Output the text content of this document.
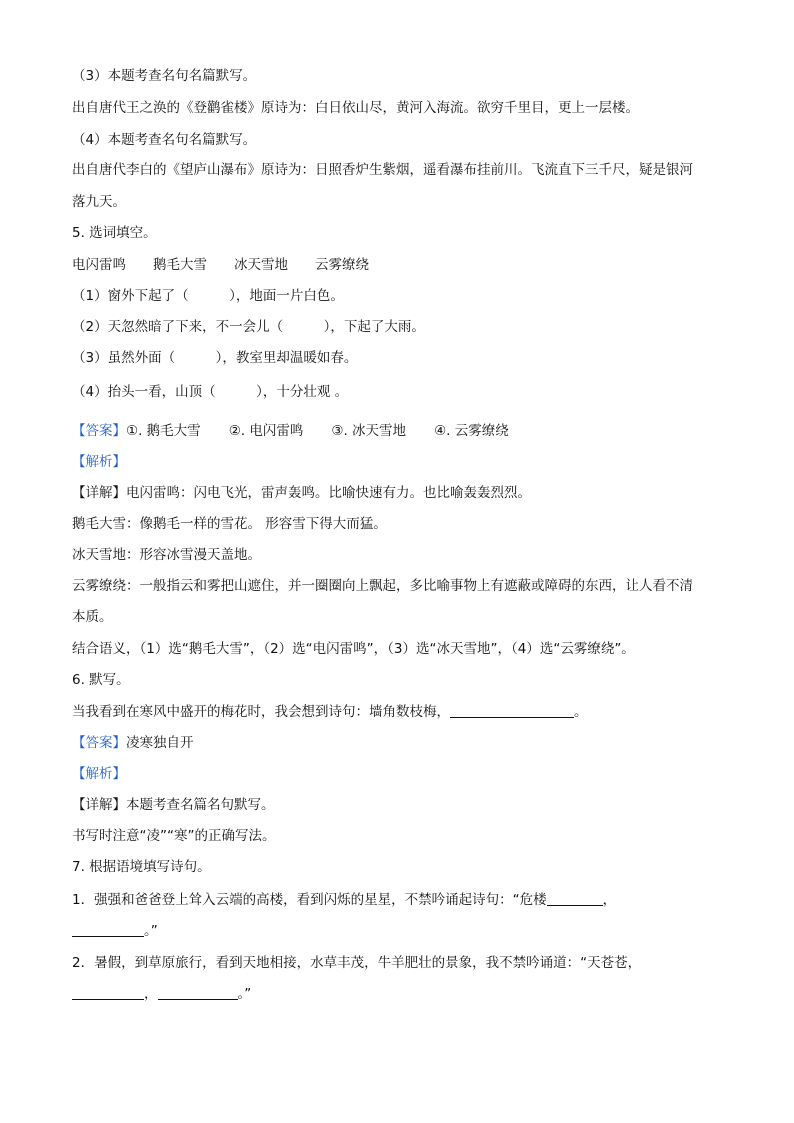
（3）本题考查名句名篇默写。
出自唐代王之涣的《登鹳雀楼》原诗为：白日依山尽，黄河入海流。欲穷千里目，更上一层楼。
（4）本题考查名句名篇默写。
出自唐代李白的《望庐山瀑布》原诗为：日照香炉生紫烟，遥看瀑布挂前川。飞流直下三千尺，疑是银河
落九天。
5. 选词填空。
电闪雷鸣　　鹅毛大雪　　冰天雪地　　云雾缭绕
（1）窗外下起了（　　　），地面一片白色。
（2）天忽然暗了下来，不一会儿（　　　），下起了大雨。
（3）虽然外面（　　　），教室里却温暖如春。
（4）抬头一看，山顶（　　　），十分壮观 。
【答案】①. 鹅毛大雪 ②. 电闪雷鸣 ③. 冰天雪地 ④. 云雾缭绕
【解析】
【详解】电闪雷鸣：闪电飞光，雷声轰鸣。比喻快速有力。也比喻轰轰烈烈。
鹅毛大雪：像鹅毛一样的雪花。 形容雪下得大而猛。
冰天雪地：形容冰雪漫天盖地。
云雾缭绕：一般指云和雾把山遮住，并一圈圈向上飘起，多比喻事物上有遮蔽或障碍的东西，让人看不清
本质。
结合语义，（1）选“鹅毛大雪”，（2）选“电闪雷鸣”，（3）选“冰天雪地”，（4）选“云雾缭绕”。
6. 默写。
当我看到在寒风中盛开的梅花时，我会想到诗句：墙角数枝梅，	。
【答案】凌寒独自开
【解析】
【详解】本题考查名篇名句默写。
书写时注意“凌”“寒”的正确写法。
7. 根据语境填写诗句。
1．强强和爸爸登上耸入云端的高楼，看到闪烁的星星，不禁吟诵起诗句：“危楼	，
。”
2．暑假，到草原旅行，看到天地相接，水草丰茂，牛羊肥壮的景象，我不禁吟诵道：“天苍苍，
，	。”
